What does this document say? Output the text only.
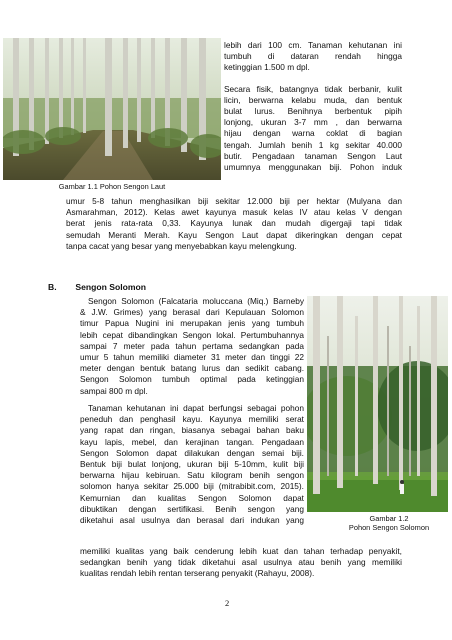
Gambar 1.1 Pohon Sengon Laut
lebih dari 100 cm. Tanaman kehutanan ini
tumbuh di dataran rendah hingga
ketinggian 1.500 m dpl.
Secara fisik, batangnya tidak berbanir, kulit
licin, berwarna kelabu muda, dan bentuk
bulat lurus. Benihnya berbentuk pipih
lonjong, ukuran 3-7 mm , dan berwarna
hijau dengan warna coklat di bagian
tengah. Jumlah benih 1 kg sekitar 40.000
butir. Pengadaan tanaman Sengon Laut
umumnya menggunakan biji. Pohon induk
umur 5-8 tahun menghasilkan biji sekitar 12.000 biji per hektar (Mulyana dan
Asmarahman, 2012). Kelas awet kayunya masuk kelas IV atau kelas V dengan
berat jenis rata-rata 0,33. Kayunya lunak dan mudah digergaji tapi tidak
semudah Meranti Merah. Kayu Sengon Laut dapat dikeringkan dengan cepat
tanpa cacat yang besar yang menyebabkan kayu melengkung.
B. Sengon Solomon
Sengon Solomon (Falcataria moluccana (Miq.) Barneby
& J.W. Grimes) yang berasal dari Kepulauan Solomon
timur Papua Nugini ini merupakan jenis yang tumbuh
lebih cepat dibandingkan Sengon lokal. Pertumbuhannya
sampai 7 meter pada tahun pertama sedangkan pada
umur 5 tahun memiliki diameter 31 meter dan tinggi 22
meter dengan bentuk batang lurus dan sedikit cabang.
Sengon Solomon tumbuh optimal pada ketinggian
sampai 800 m dpl.
Tanaman kehutanan ini dapat berfungsi sebagai pohon
peneduh dan penghasil kayu. Kayunya memiliki serat
yang rapat dan ringan, biasanya sebagai bahan baku
kayu lapis, mebel, dan kerajinan tangan. Pengadaan
Sengon Solomon dapat dilakukan dengan semai biji.
Bentuk biji bulat lonjong, ukuran biji 5-10mm, kulit biji
berwarna hijau kebiruan. Satu kilogram benih sengon
solomon hanya sekitar 25.000 biji (mitrabibit.com, 2015).
Kemurnian dan kualitas Sengon Solomon dapat
dibuktikan dengan sertifikasi. Benih sengon yang
diketahui asal usulnya dan berasal dari indukan yang	Gambar 1.2
Pohon Sengon Solomon
memiliki kualitas yang baik cenderung lebih kuat dan tahan terhadap penyakit,
sedangkan benih yang tidak diketahui asal usulnya atau benih yang memiliki
kualitas rendah lebih rentan terserang penyakit (Rahayu, 2008).
2
